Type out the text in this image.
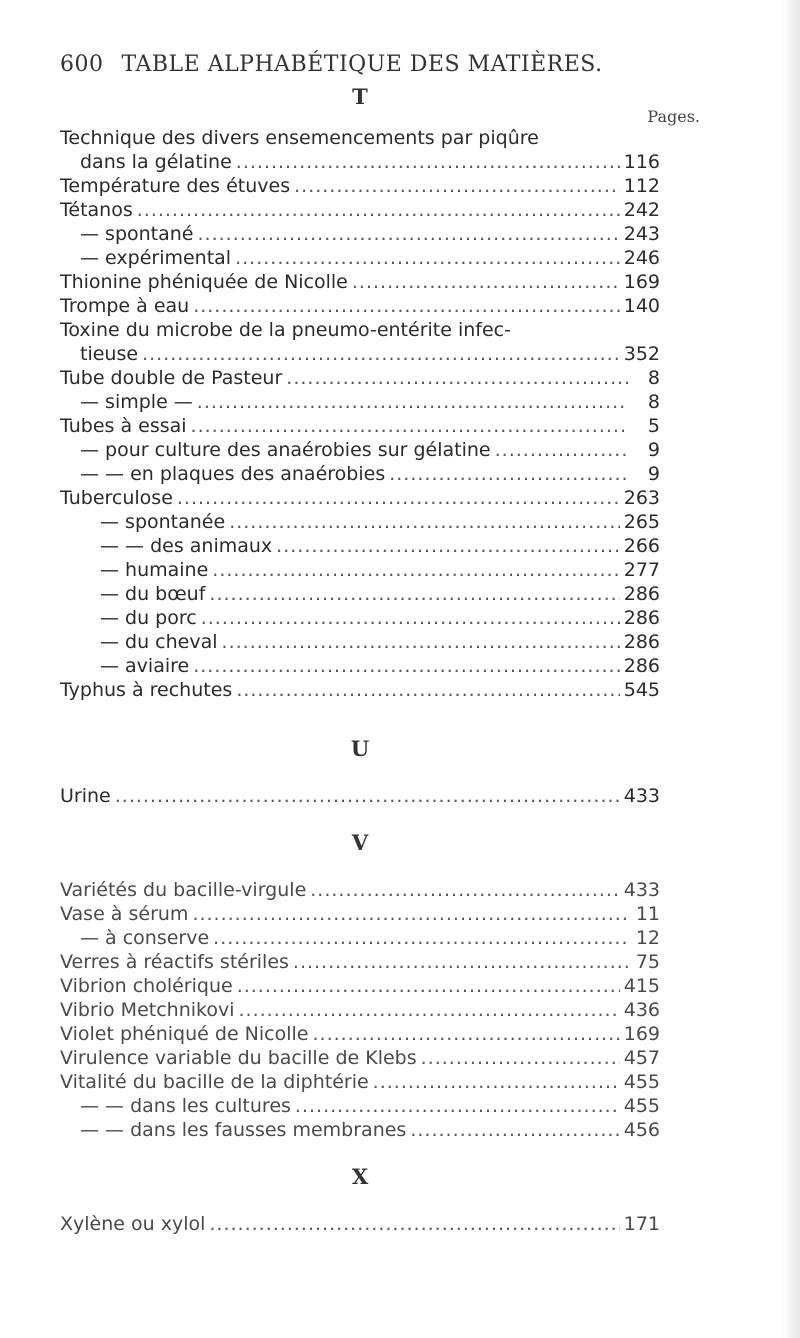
600 TABLE ALPHABÉTIQUE DES MATIÈRES.
T
Pages.
Technique des divers ensemencements par piqûre
dans la gélatine .....	116
Température des étuves .....	112
Tétanos .....	242
— spontané .....	243
— expérimental .....	246
Thionine phéniquée de Nicolle .....	169
Trompe à eau .....	140
Toxine du microbe de la pneumo-entérite infec-
tieuse .....	352
Tube double de Pasteur .....	8
— simple — .....	8
Tubes à essai .....	5
— pour culture des anaérobies sur gélatine .....	9
— — en plaques des anaérobies .....	9
Tuberculose .....	263
— spontanée .....	265
— — des animaux .....	266
— humaine .....	277
— du bœuf .....	286
— du porc .....	286
— du cheval .....	286
— aviaire .....	286
Typhus à rechutes .....	545
U
Urine .....	433
V
Variétés du bacille-virgule .....	433
Vase à sérum .....	11
— à conserve .....	12
Verres à réactifs stériles .....	75
Vibrion cholérique .....	415
Vibrio Metchnikovi .....	436
Violet phéniqué de Nicolle .....	169
Virulence variable du bacille de Klebs .....	457
Vitalité du bacille de la diphtérie .....	455
— — dans les cultures .....	455
— — dans les fausses membranes .....	456
X
Xylène ou xylol .....	171
